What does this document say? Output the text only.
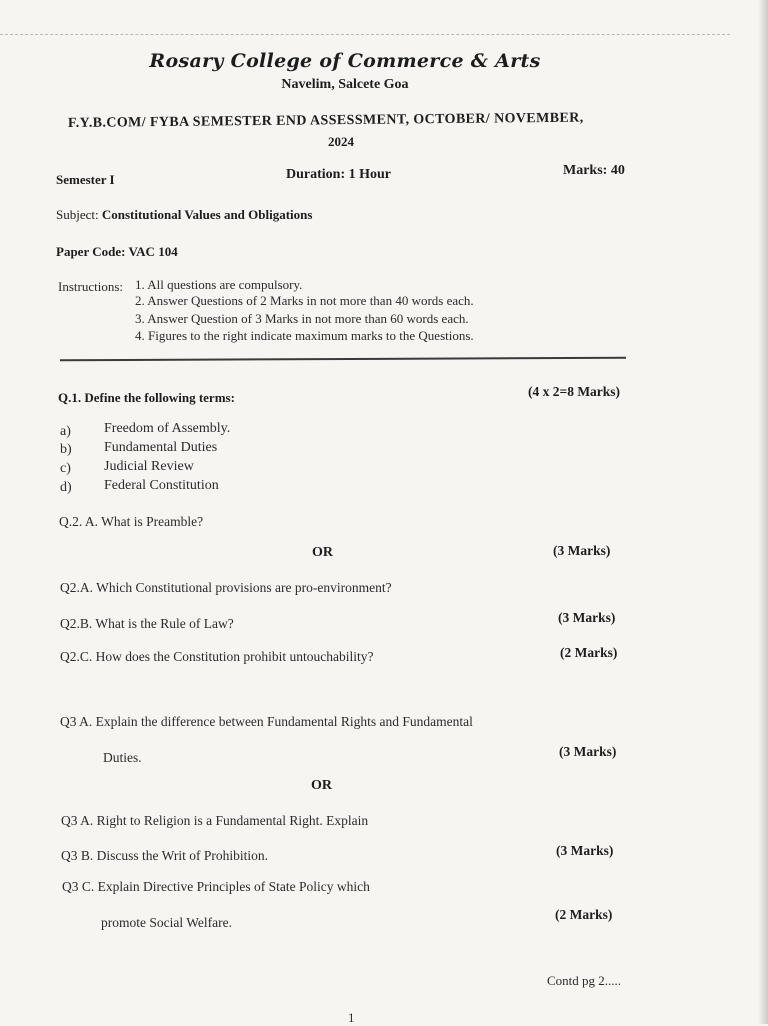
Rosary College of Commerce & Arts
Navelim, Salcete Goa
F.Y.B.COM/ FYBA SEMESTER END ASSESSMENT, OCTOBER/ NOVEMBER,
2024
Semester I	Duration: 1 Hour	Marks: 40
Subject: Constitutional Values and Obligations
Paper Code: VAC 104
Instructions: 1. All questions are compulsory.
2. Answer Questions of 2 Marks in not more than 40 words each.
3. Answer Question of 3 Marks in not more than 60 words each.
4. Figures to the right indicate maximum marks to the Questions.
Q.1. Define the following terms:	(4 x 2=8 Marks)
a) Freedom of Assembly.
b) Fundamental Duties
c) Judicial Review
d) Federal Constitution
Q.2. A. What is Preamble?
OR	(3 Marks)
Q2.A. Which Constitutional provisions are pro-environment?
Q2.B. What is the Rule of Law?	(3 Marks)
Q2.C. How does the Constitution prohibit untouchability?	(2 Marks)
Q3 A. Explain the difference between Fundamental Rights and Fundamental
Duties.	(3 Marks)
OR
Q3 A. Right to Religion is a Fundamental Right. Explain
Q3 B. Discuss the Writ of Prohibition.	(3 Marks)
Q3 C. Explain Directive Principles of State Policy which
promote Social Welfare.
(2 Marks)
Contd pg 2.....
1
